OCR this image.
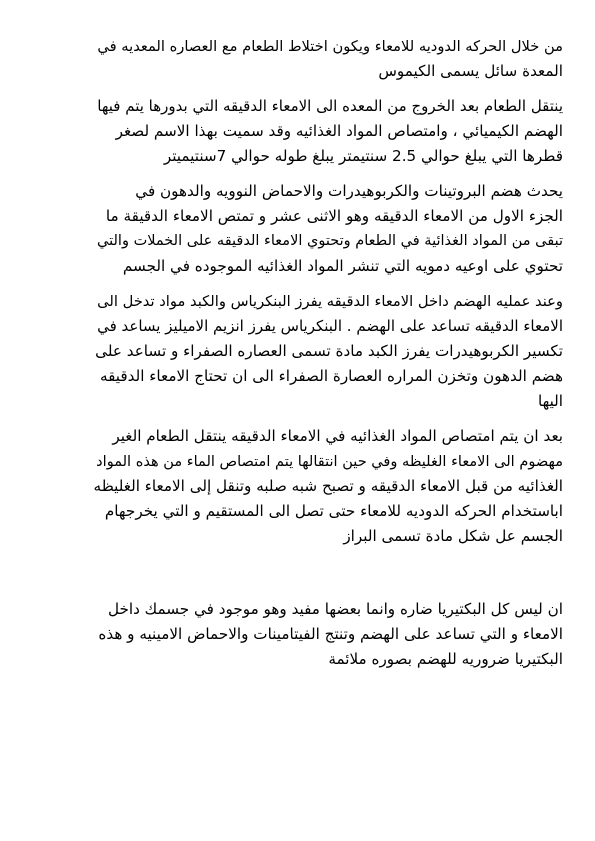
من خلال الحركه الدوديه للامعاء ويكون اختلاط الطعام مع العصاره المعديه في
المعدة سائل يسمى الكيموس
ينتقل الطعام بعد الخروج من المعده الى الامعاء الدقيقه التي بدورها يتم فيها
الهضم الكيميائي ، وامتصاص المواد الغذائيه وقد سميت بهذا الاسم لصغر
قطرها التي يبلغ حوالي 2.5 سنتيمتر يبلغ طوله حوالي 7سنتيميتر
يحدث هضم البروتينات والكربوهيدرات والاحماض النوويه والدهون في
الجزء الاول من الامعاء الدقيقه وهو الاثنى عشر و تمتص الامعاء الدقيقة ما
تبقى من المواد الغذائية في الطعام وتحتوي الامعاء الدقيقه على الخملات والتي
تحتوي على اوعيه دمويه التي تنشر المواد الغذائيه الموجوده في الجسم
وعند عمليه الهضم داخل الامعاء الدقيقه يفرز البنكرياس والكبد مواد تدخل الى
الامعاء الدقيقه تساعد على الهضم . البنكرياس يفرز انزيم الاميليز يساعد في
تكسير الكربوهيدرات يفرز الكبد مادة تسمى العصاره الصفراء و تساعد على
هضم الدهون وتخزن المراره العصارة الصفراء الى ان تحتاج الامعاء الدقيقه
اليها
بعد ان يتم امتصاص المواد الغذائيه في الامعاء الدقيقه ينتقل الطعام الغير
مهضوم الى الامعاء الغليظه وفي حين انتقالها يتم امتصاص الماء من هذه المواد
الغذائيه من قبل الامعاء الدقيقه و تصبح شبه صلبه وتنقل إلى الامعاء الغليظه
اباستخدام الحركه الدوديه للامعاء حتى تصل الى المستقيم و التي يخرجهام
الجسم عل شكل مادة تسمى البراز
ان ليس كل البكتيريا ضاره وانما بعضها مفيد وهو موجود في جسمك داخل
الامعاء و التي تساعد على الهضم وتنتج الفيتامينات والاحماض الامينيه و هذه
البكتيريا ضروريه للهضم بصوره ملائمة
